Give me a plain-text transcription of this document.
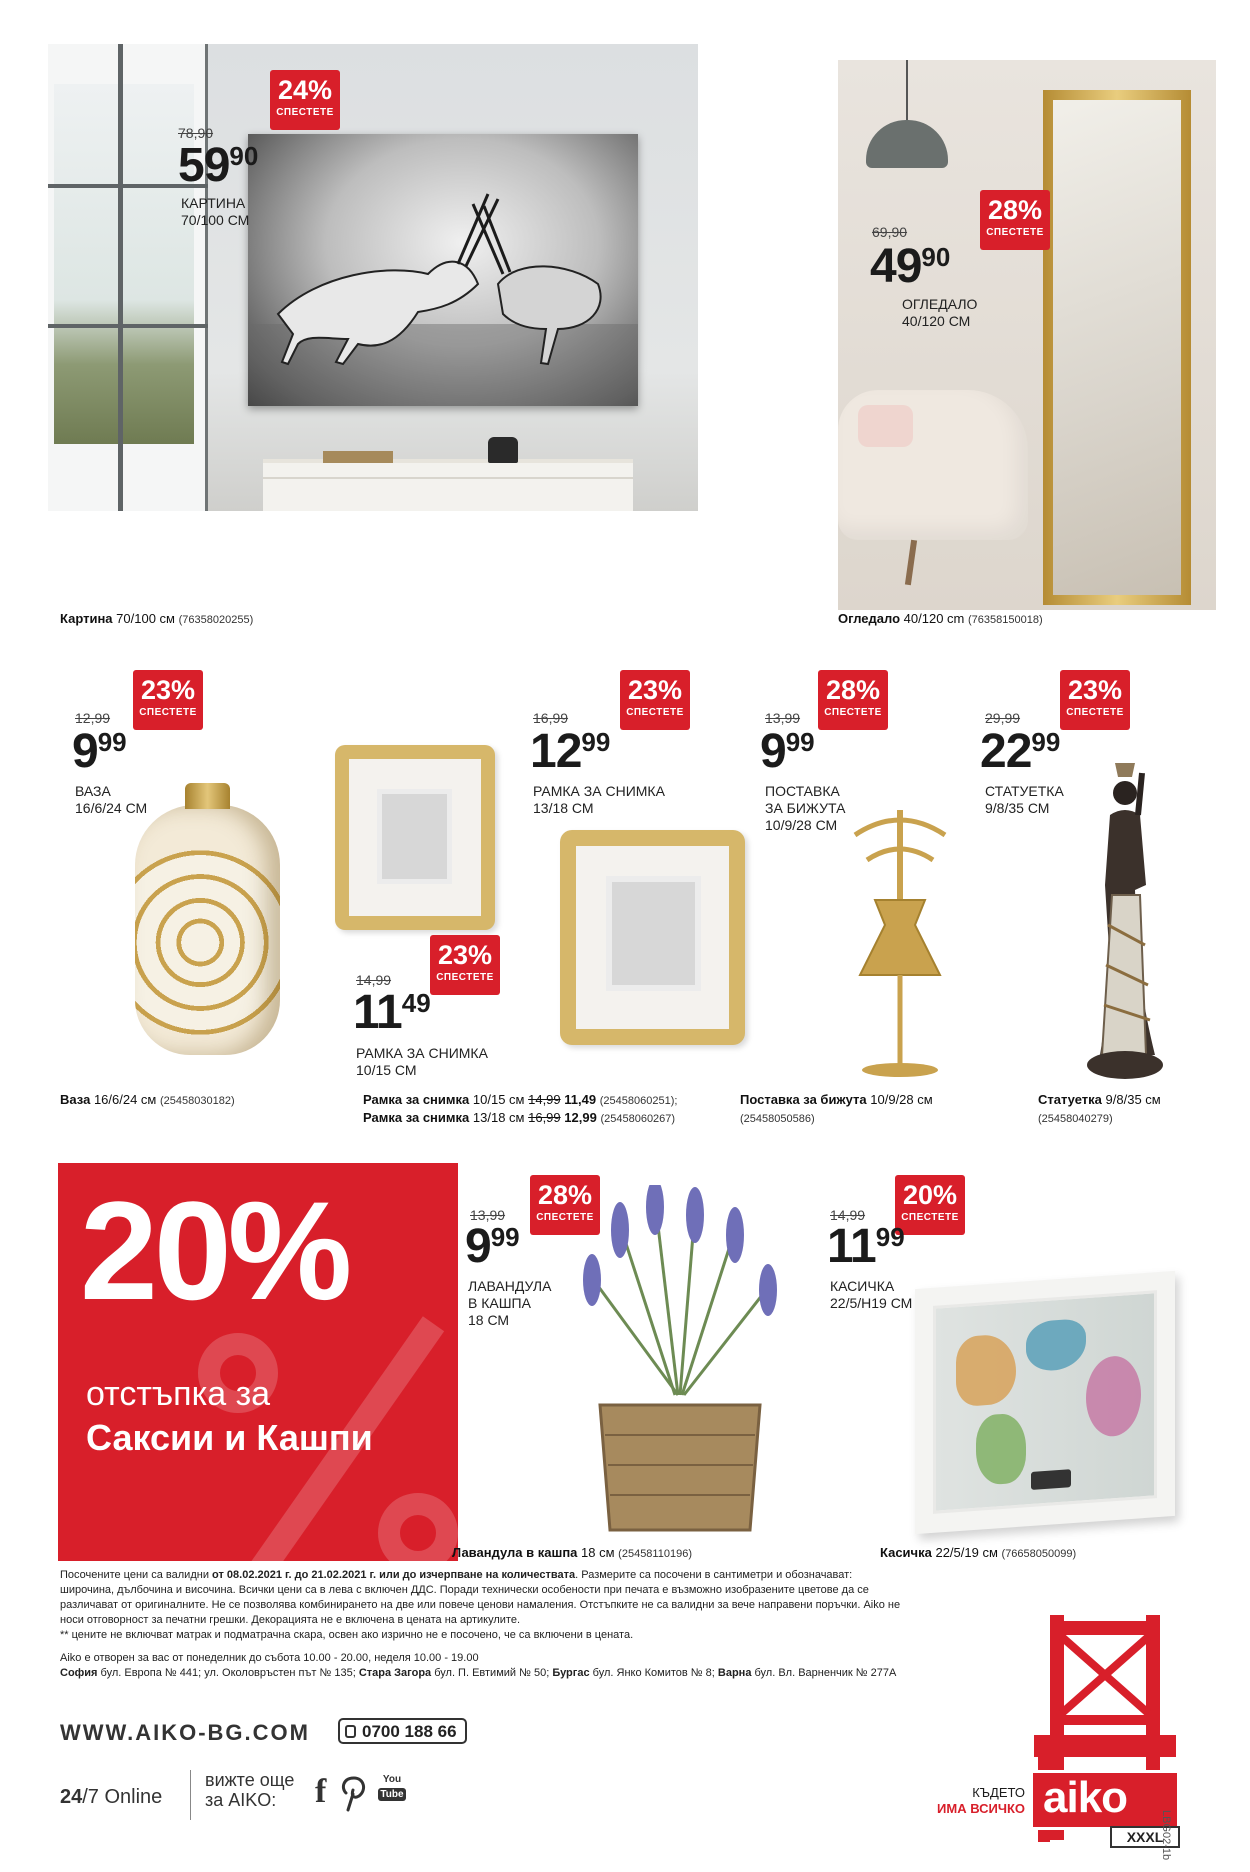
24%
СПЕСТЕТЕ
78,90
5990
КАРТИНА
70/100 СМ
Картина 70/100 см (76358020255)
28%
СПЕСТЕТЕ
69,90
4990
ОГЛЕДАЛО
40/120 СМ
Огледало 40/120 cm (76358150018)
23%
СПЕСТЕТЕ
12,99
999
ВАЗА
16/6/24 СМ
Ваза 16/6/24 см (25458030182)
23%
СПЕСТЕТЕ
14,99
1149
РАМКА ЗА СНИМКА
10/15 СМ
23%
СПЕСТЕТЕ
16,99
1299
РАМКА ЗА СНИМКА
13/18 СМ
Рамка за снимка 10/15 см 14,99 11,49 (25458060251);
Рамка за снимка 13/18 см 16,99 12,99 (25458060267)
28%
СПЕСТЕТЕ
13,99
999
ПОСТАВКА
ЗА БИЖУТА
10/9/28 СМ
Поставка за бижута 10/9/28 см
(25458050586)
23%
СПЕСТЕТЕ
29,99
2299
СТАТУЕТКА
9/8/35 СМ
Статуетка 9/8/35 см
(25458040279)
20%
отстъпка за
Саксии и Кашпи
28%
СПЕСТЕТЕ
13,99
999
ЛАВАНДУЛА
В КАШПА
18 СМ
Лавандула в кашпа 18 см (25458110196)
20%
СПЕСТЕТЕ
14,99
1199
КАСИЧКА
22/5/Н19 СМ
Касичка 22/5/19 см (76658050099)
Посочените цени са валидни от 08.02.2021 г. до 21.02.2021 г. или до изчерпване на количествата. Размерите са посочени в сантиметри и обозначават:
широчина, дълбочина и височина. Всички цени са в лева с включен ДДС. Поради технически особености при печата е възможно изобразените цветове да се
различават от оригиналните. Не се позволява комбинирането на две или повече ценови намаления. Отстъпките не са валидни за вече направени поръчки. Аiko не
носи отговорност за печатни грешки. Декорацията не е включена в цената на артикулите.
** цените не включват матрак и подматрачна скара, освен ако изрично не е посочено, че са включени в цената.
Aiko е отворен за вас от понеделник до събота 10.00 - 20.00, неделя 10.00 - 19.00
София бул. Европа № 441; ул. Околовръстен път № 135; Стара Загора бул. П. Евтимий № 50; Бургас бул. Янко Комитов № 8; Варна бул. Вл. Варненчик № 277А
WWW.AIKO-BG.COM	0700 188 66
24/7 Online
вижте още
за AIKO:	f	You
Tube	КЪДЕТО
ИМА ВСИЧКО aiko
XXXL
LBG02-1b
